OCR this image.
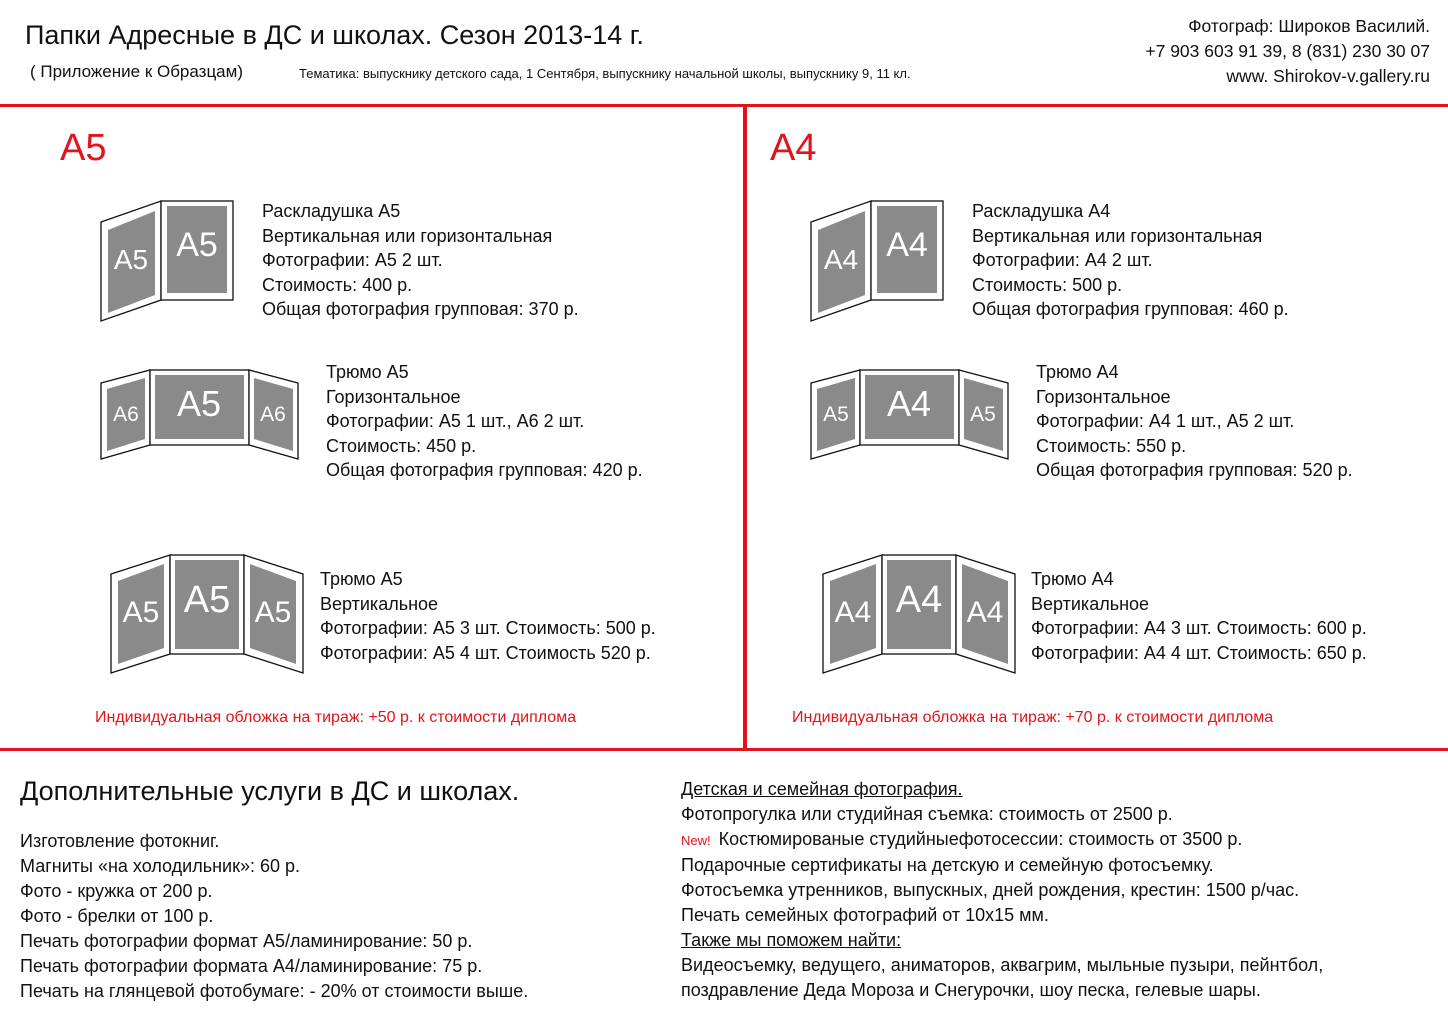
Папки Адресные в ДС и школах. Сезон 2013-14 г.
( Приложение к Образцам)	Тематика: выпускнику детского сада, 1 Сентября, выпускнику начальной школы, выпускнику 9, 11 кл.
Фотограф: Широков Василий.
+7 903 603 91 39, 8 (831) 230 30 07
www. Shirokov-v.gallery.ru
A5
A5 A5
Раскладушка А5
Вертикальная или горизонтальная
Фотографии: А5 2 шт.
Стоимость: 400 р.
Общая фотография групповая: 370 р.
A6 A5 A6
Трюмо А5
Горизонтальное
Фотографии: А5 1 шт., А6 2 шт.
Стоимость: 450 р.
Общая фотография групповая: 420 р.
A5 A5 A5
Трюмо А5
Вертикальное
Фотографии: А5 3 шт. Стоимость: 500 р.
Фотографии: А5 4 шт. Стоимость 520 р.
Индивидуальная обложка на тираж: +50 р. к стоимости диплома
A4
A4 A4
Раскладушка А4
Вертикальная или горизонтальная
Фотографии: А4 2 шт.
Стоимость: 500 р.
Общая фотография групповая: 460 р.
A5 A4 A5
Трюмо А4
Горизонтальное
Фотографии: А4 1 шт., А5 2 шт.
Стоимость: 550 р.
Общая фотография групповая: 520 р.
A4 A4 A4
Трюмо А4
Вертикальное
Фотографии: А4 3 шт. Стоимость: 600 р.
Фотографии: А4 4 шт. Стоимость: 650 р.
Индивидуальная обложка на тираж: +70 р. к стоимости диплома
Дополнительные услуги в ДС и школах.
Изготовление фотокниг.
Магниты «на холодильник»: 60 р.
Фото - кружка от 200 р.
Фото - брелки от 100 р.
Печать фотографии формат А5/ламинирование: 50 р.
Печать фотографии формата А4/ламинирование: 75 р.
Печать на глянцевой фотобумаге: - 20% от стоимости выше.
Детская и семейная фотография.
Фотопрогулка или студийная съемка: стоимость от 2500 р.
New! Костюмированые студийныефотосессии: стоимость от 3500 р.
Подарочные сертификаты на детскую и семейную фотосъемку.
Фотосъемка утренников, выпускных, дней рождения, крестин: 1500 р/час.
Печать семейных фотографий от 10х15 мм.
Также мы поможем найти:
Видеосъемку, ведущего, аниматоров, аквагрим, мыльные пузыри, пейнтбол,
поздравление Деда Мороза и Снегурочки, шоу песка, гелевые шары.
